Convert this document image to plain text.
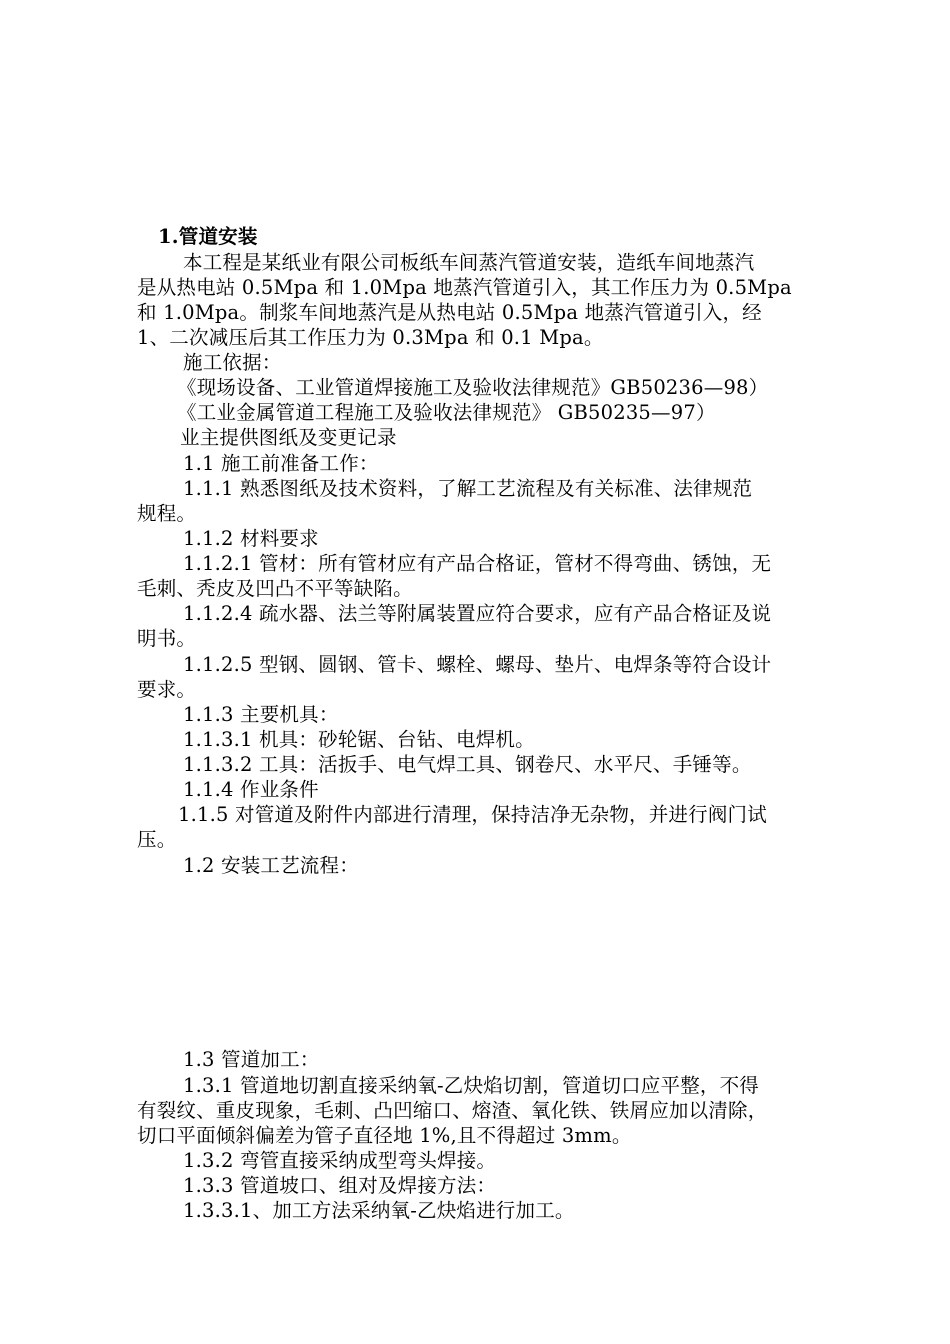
1.管道安装
本工程是某纸业有限公司板纸车间蒸汽管道安装，造纸车间地蒸汽
是从热电站 0.5Mpa 和 1.0Mpa 地蒸汽管道引入，其工作压力为 0.5Mpa
和 1.0Mpa。制浆车间地蒸汽是从热电站 0.5Mpa 地蒸汽管道引入，经
1、二次减压后其工作压力为 0.3Mpa 和 0.1 Mpa。
施工依据：
《现场设备、工业管道焊接施工及验收法律规范》GB50236—98）
《工业金属管道工程施工及验收法律规范》 GB50235—97）
业主提供图纸及变更记录
1.1 施工前准备工作：
1.1.1 熟悉图纸及技术资料，了解工艺流程及有关标准、法律规范
规程。
1.1.2 材料要求
1.1.2.1 管材：所有管材应有产品合格证，管材不得弯曲、锈蚀，无
毛刺、秃皮及凹凸不平等缺陷。
1.1.2.4 疏水器、法兰等附属装置应符合要求，应有产品合格证及说
明书。
1.1.2.5 型钢、圆钢、管卡、螺栓、螺母、垫片、电焊条等符合设计
要求。
1.1.3 主要机具：
1.1.3.1 机具：砂轮锯、台钻、电焊机。
1.1.3.2 工具：活扳手、电气焊工具、钢卷尺、水平尺、手锤等。
1.1.4 作业条件
1.1.5 对管道及附件内部进行清理，保持洁净无杂物，并进行阀门试
压。
1.2 安装工艺流程：
1.3 管道加工：
1.3.1 管道地切割直接采纳氧-乙炔焰切割，管道切口应平整，不得
有裂纹、重皮现象，毛刺、凸凹缩口、熔渣、氧化铁、铁屑应加以清除，
切口平面倾斜偏差为管子直径地 1%,且不得超过 3mm。
1.3.2 弯管直接采纳成型弯头焊接。
1.3.3 管道坡口、组对及焊接方法：
1.3.3.1、加工方法采纳氧-乙炔焰进行加工。
